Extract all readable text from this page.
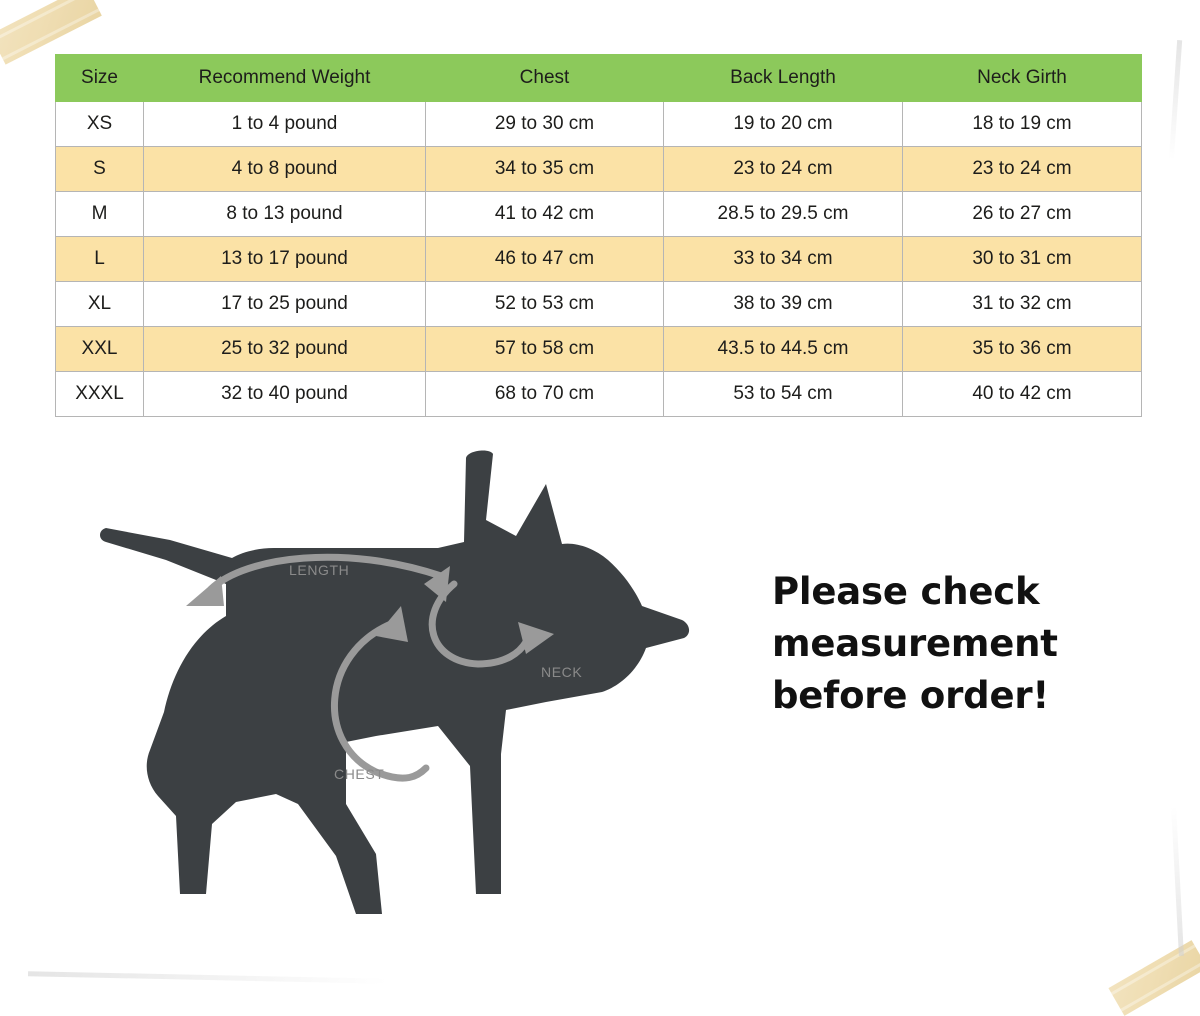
Size	Recommend Weight	Chest	Back Length	Neck Girth
XS	1 to 4 pound	29 to 30 cm	19 to 20 cm	18 to 19 cm
S	4 to 8 pound	34 to 35 cm	23 to 24 cm	23 to 24 cm
M	8 to 13 pound	41 to 42 cm	28.5 to 29.5 cm	26 to 27 cm
L	13 to 17 pound	46 to 47 cm	33 to 34 cm	30 to 31 cm
XL	17 to 25 pound	52 to 53 cm	38 to 39 cm	31 to 32 cm
XXL	25 to 32 pound	57 to 58 cm	43.5 to 44.5 cm	35 to 36 cm
XXXL	32 to 40 pound	68 to 70 cm	53 to 54 cm	40 to 42 cm
LENGTH
NECK
CHEST
Please check
measurement
before order!
